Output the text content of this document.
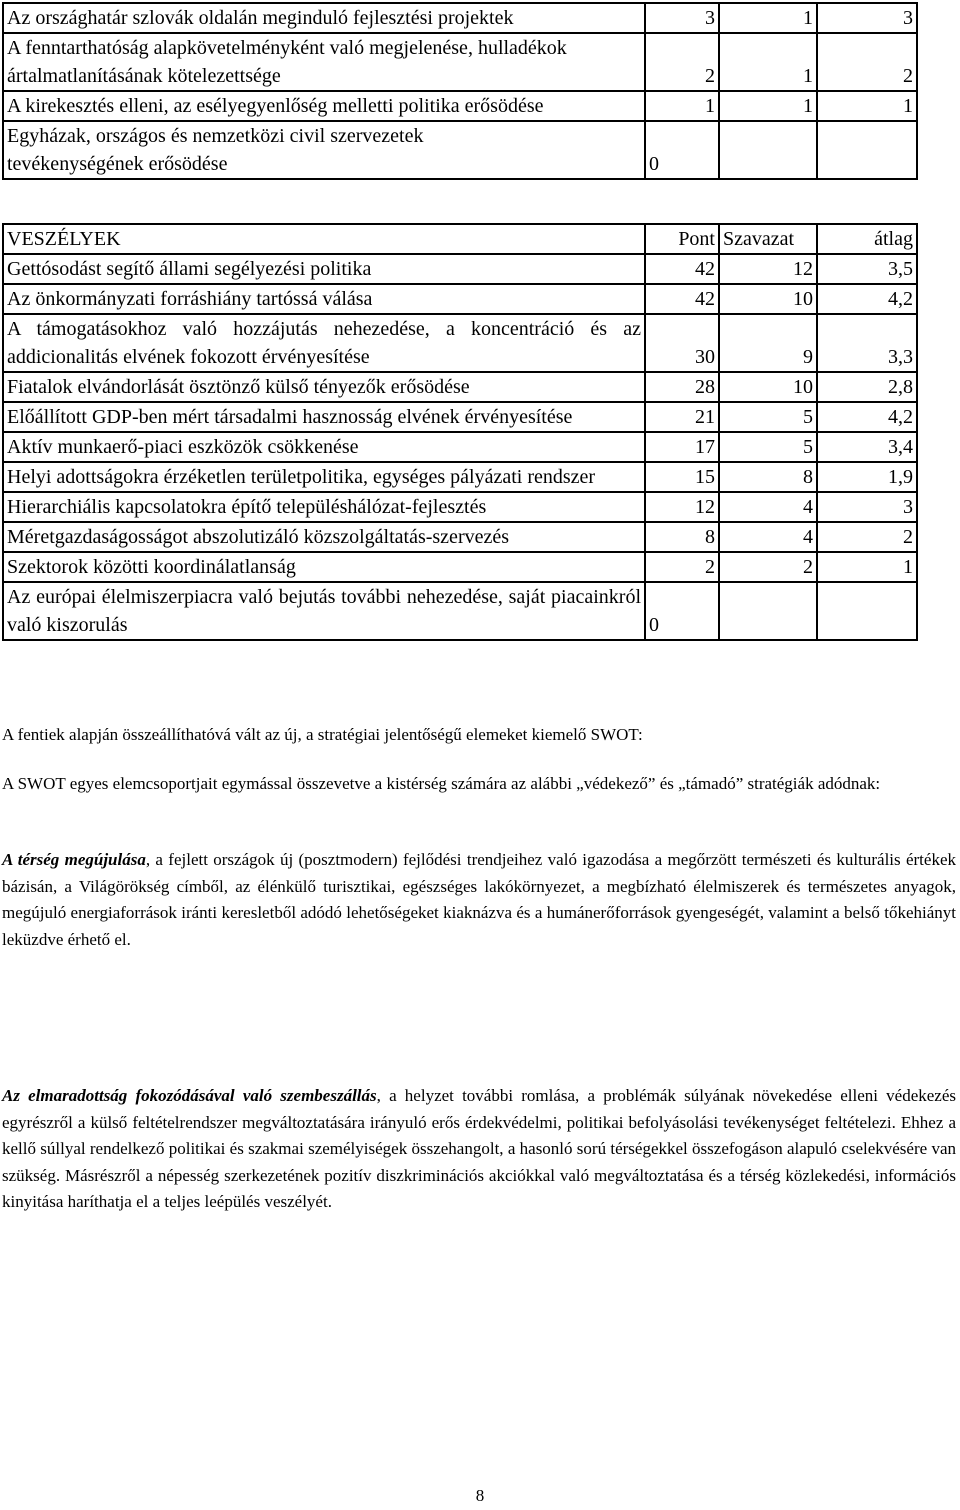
Az országhatár szlovák oldalán meginduló fejlesztési projektek	3	1	3
A fenntarthatóság alapkövetelményként való megjelenése, hulladékok ártalmatlanításának kötelezettsége	2	1	2

A kirekesztés elleni, az esélyegyenlőség melletti politika erősödése	1	1	1

Egyházak, országos és nemzetközi civil szervezetek tevékenységének erősödése	0		
VESZÉLYEK	Pont	Szavazat	átlag
Gettósodást segítő állami segélyezési politika	42	12	3,5
Az önkormányzati forráshiány tartóssá válása	42	10	4,2
A támogatásokhoz való hozzájutás nehezedése, a koncentráció és az addicionalitás elvének fokozott érvényesítése	30	9	3,3
Fiatalok elvándorlását ösztönző külső tényezők erősödése	28	10	2,8
Előállított GDP-ben mért társadalmi hasznosság elvének érvényesítése	21	5	4,2
Aktív munkaerő-piaci eszközök csökkenése	17	5	3,4
Helyi adottságokra érzéketlen területpolitika, egységes pályázati rendszer	15	8	1,9
Hierarchiális kapcsolatokra építő településhálózat-fejlesztés	12	4	3
Méretgazdaságosságot abszolutizáló közszolgáltatás-szervezés	8	4	2
Szektorok közötti koordinálatlanság	2	2	1
Az európai élelmiszerpiacra való bejutás további nehezedése, saját piacainkról való kiszorulás	0		

A fentiek alapján összeállíthatóvá vált az új, a stratégiai jelentőségű elemeket kiemelő SWOT:

A SWOT egyes elemcsoportjait egymással összevetve a kistérség számára az alábbi „védekező” és „támadó” stratégiák adódnak:

A térség megújulása, a fejlett országok új (posztmodern) fejlődési trendjeihez való igazodása a megőrzött természeti és kulturális értékek bázisán, a Világörökség címből, az élénkülő turisztikai, egészséges lakókörnyezet, a megbízható élelmiszerek és természetes anyagok, megújuló energiaforrások iránti keresletből adódó lehetőségeket kiaknázva és a humánerőforrások gyengeségét, valamint a belső tőkehiányt leküzdve érhető el.

Az elmaradottság fokozódásával való szembeszállás, a helyzet további romlása, a problémák súlyának növekedése elleni védekezés egyrészről a külső feltételrendszer megváltoztatására irányuló erős érdekvédelmi, politikai befolyásolási tevékenységet feltételezi. Ehhez a kellő súllyal rendelkező politikai és szakmai személyiségek összehangolt, a hasonló sorú térségekkel összefogáson alapuló cselekvésére van szükség. Másrészről a népesség szerkezetének pozitív diszkriminációs akciókkal való megváltoztatása és a térség közlekedési, információs kinyitása haríthatja el a teljes leépülés veszélyét.

8
